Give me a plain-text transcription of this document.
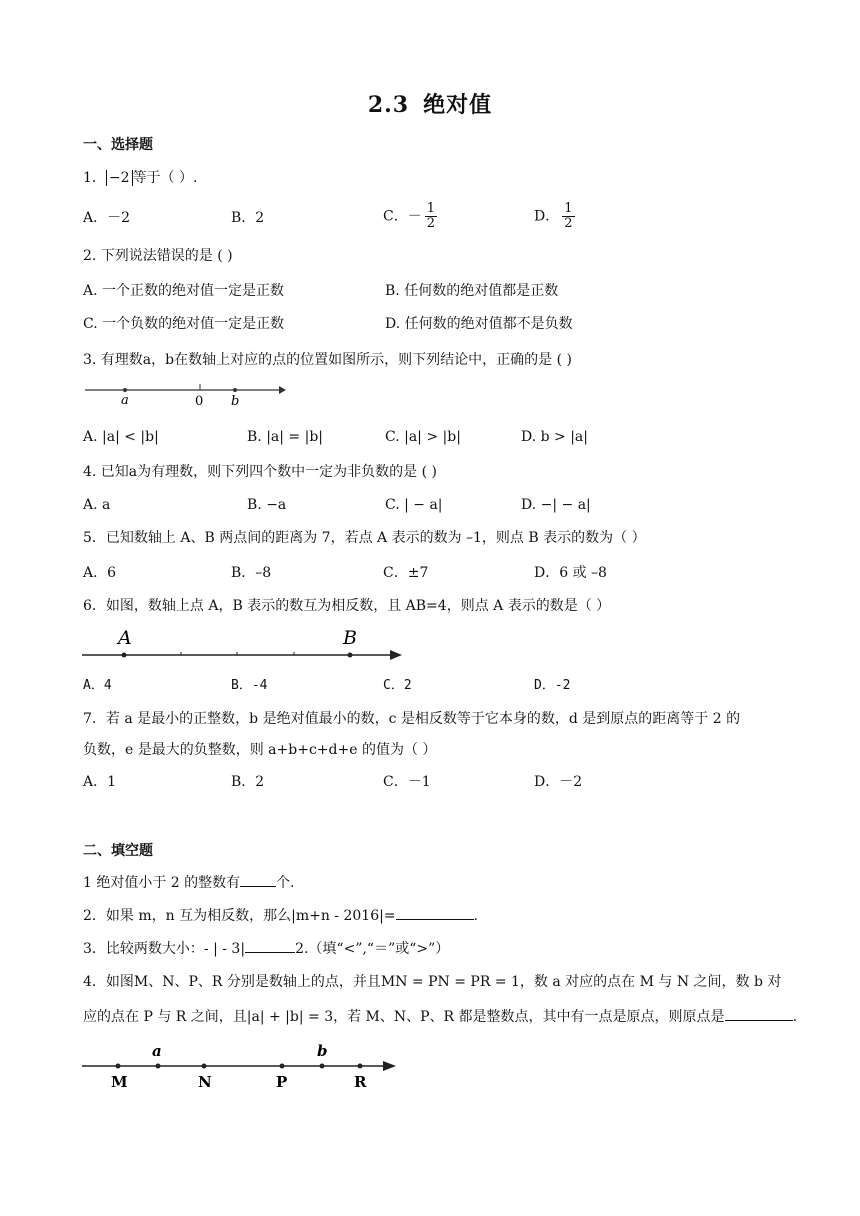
2.3 绝对值
一、选择题
1． −2 等于（ ）.
A．－2	B．2	C．－ $\frac{1}{2}$	D． $\frac{1}{2}$
2. 下列说法错误的是 ( )
A. 一个正数的绝对值一定是正数	B. 任何数的绝对值都是正数
C. 一个负数的绝对值一定是正数	D. 任何数的绝对值都不是负数
3. 有理数a，b在数轴上对应的点的位置如图所示，则下列结论中，正确的是 ( )
a	0 b
A. |a| < |b|	B. |a| = |b|	C. |a| > |b|	D. b > |a|
4. 已知a为有理数，则下列四个数中一定为非负数的是 ( )
A. a	B. −a	C. | − a|	D. −| − a|
5．已知数轴上 A、B 两点间的距离为 7，若点 A 表示的数为 –1，则点 B 表示的数为（ ）
A．6	B．–8	C．±7	D．6 或 –8
6．如图，数轴上点 A，B 表示的数互为相反数，且 AB=4，则点 A 表示的数是（ ）
A	B
A．4	B．-4	C．2	D．-2
7．若 a 是最小的正整数，b 是绝对值最小的数，c 是相反数等于它本身的数，d 是到原点的距离等于 2 的
负数，e 是最大的负整数，则 a+b+c+d+e 的值为（ ）
A．1	B．2	C．－1	D．－2
二、填空题
1 绝对值小于 2 的整数有	个.
2．如果 m，n 互为相反数，那么|m+n - 2016|=	.
3．比较两数大小：- | - 3|	2.（填“<”,“＝”或“>”）
4．如图M、N、P、R 分别是数轴上的点，并且MN = PN = PR = 1，数 a 对应的点在 M 与 N 之间，数 b 对
应的点在 P 与 R 之间，且|a| + |b| = 3，若 M、N、P、R 都是整数点，其中有一点是原点，则原点是	.
M
a
N	P
b
R
